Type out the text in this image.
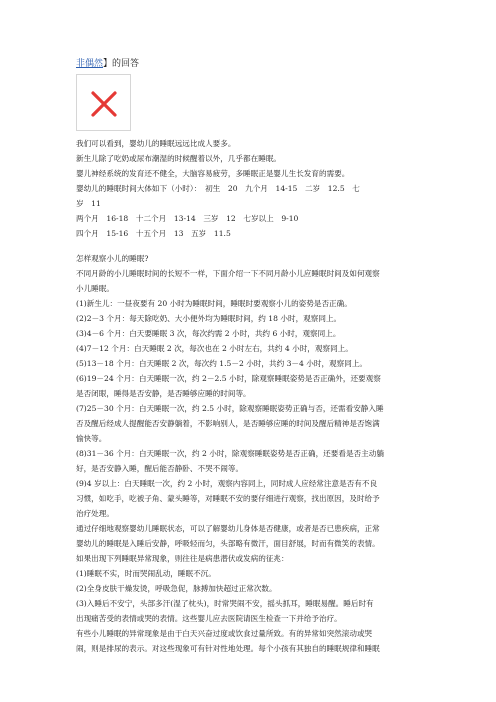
非偶然】的回答
我们可以看到，婴幼儿的睡眠远远比成人要多。
新生儿除了吃奶或尿布潮湿的时候醒着以外，几乎都在睡眠。
婴儿神经系统的发育还不健全，大脑容易疲劳，多睡眠正是婴儿生长发育的需要。
婴幼儿的睡眠时间大体如下（小时）：　初生　20　九个月　14-15　二岁　12.5　七
岁　11
两个月　16-18　十二个月　13-14　三岁　12　七岁以上　9-10
四个月　15-16　十五个月　13　五岁　11.5
怎样观察小儿的睡眠?
不同月龄的小儿睡眠时间的长短不一样，下面介绍一下不同月龄小儿应睡眠时间及如何观察
小儿睡眠。
(1)新生儿：一昼夜要有 20 小时为睡眠时间，睡眠时要观察小儿的姿势是否正确。
(2)2－3 个月：每天除吃奶、大小便外均为睡眠时间，约 18 小时，观察同上。
(3)4－6 个月：白天要睡眠 3 次，每次约需 2 小时，共约 6 小时，观察同上。
(4)7－12 个月：白天睡眠 2 次，每次也在 2 小时左右，共约 4 小时，观察同上。
(5)13－18 个月：白天睡眠 2 次，每次约 1.5－2 小时，共约 3－4 小时，观察同上。
(6)19－24 个月：白天睡眠一次，约 2－2.5 小时，除观察睡眠姿势是否正确外，还要观察
是否闭眼，睡得是否安静，是否睡够应睡的时间等。
(7)25－30 个月：白天睡眠一次，约 2.5 小时，除观察睡眠姿势正确与否，还需看安静入睡
否及醒后经成人提醒能否安静躺着，不影响别人，是否睡够应睡的时间及醒后精神是否饱满
愉快等。
(8)31－36 个月：白天睡眠一次，约 2 小时，除观察睡眠姿势是否正确，还要看是否主动躺
好，是否安静入睡，醒后能否静卧、不哭不闹等。
(9)4 岁以上：白天睡眠一次，约 2 小时，观察内容同上，同时成人应经常注意是否有不良
习惯，如吃手，吃被子角、蒙头睡等，对睡眠不安的要仔细进行观察，找出原因，及时给予
治疗处理。
通过仔细地观察婴幼儿睡眠状态，可以了解婴幼儿身体是否健康，或者是否已患疾病，正常
婴幼儿的睡眠是入睡后安静，呼吸轻而匀，头部略有微汗，面目舒展，时而有微笑的表情。
如果出现下列睡眠异常现象，则往往是病患潜伏或发病的征兆：
(1)睡眠不实，时而哭闹乱动，睡眠不沉。
(2)全身皮肤干燥发烫，呼吸急促，脉搏加快超过正常次数。
(3)入睡后不安宁，头部多汗(湿了枕头)，时常哭闹不安，摇头抓耳，睡眠易醒。睡后时有
出现痛苦受的表情或哭的表情。这些婴儿应去医院请医生检查一下并给予治疗。
有些小儿睡眠的异常现象是由于白天兴奋过度或饮食过量所致。有的异常如突然滚动或哭
闹，则是排尿的表示。对这些现象可有针对性地处理。每个小孩有其独自的睡眠规律和睡眠
